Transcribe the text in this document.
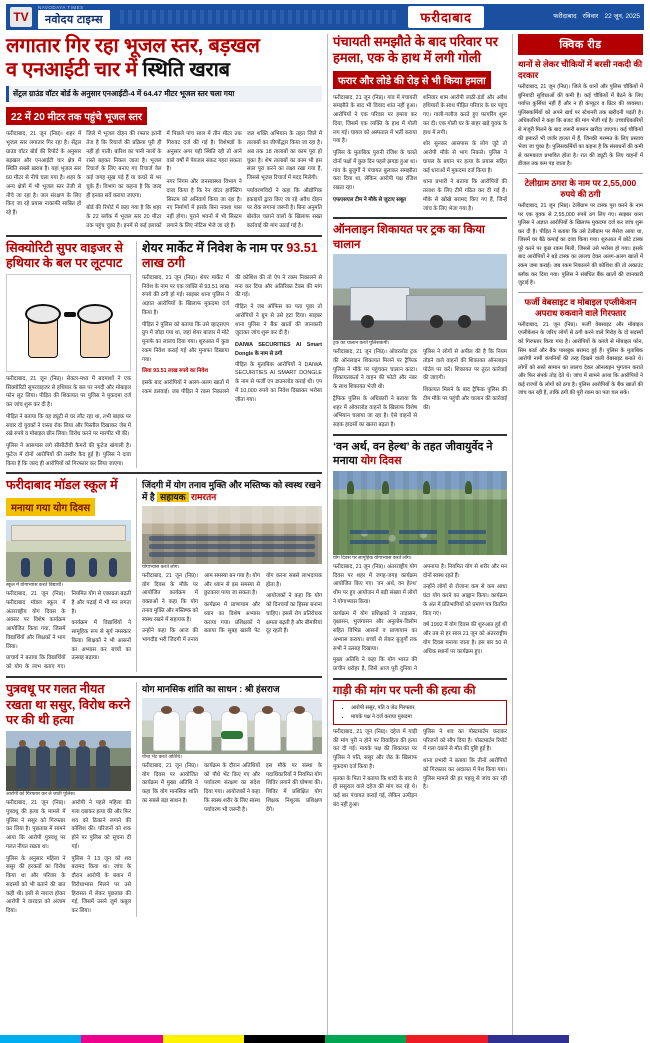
TV
NAVODAYA TIMES
नवोदय टाइम्स	फरीदाबाद	फरीदाबाद रविवार 22 जून, 2025
लगातार गिर रहा भूजल स्तर, बड़खल
व एनआईटी चार में स्थिति खराब
सेंट्रल ग्राउंड वॉटर बोर्ड के अनुसार एनआईटी-4 में 64.47 मीटर भूजल स्तर चला गया
22 में 20 मीटर तक पहुंचे भूजल स्तर

फरीदाबाद, 21 जून (निप्र)। शहर में भूजल स्तर लगातार गिर रहा है। सेंट्रल ग्राउंड वॉटर बोर्ड की रिपोर्ट के अनुसार बड़खल और एनआईटी चार क्षेत्र में स्थिति सबसे खराब है। यहां भूजल स्तर 60 मीटर से नीचे चला गया है। शहर के अन्य क्षेत्रों में भी भूजल स्तर तेजी से नीचे जा रहा है। जल संरक्षण के लिए किए जा रहे प्रयास नाकाफी साबित हो रहे हैं।

जिले में भूजल दोहन की रफ्तार इतनी तेज है कि रिचार्ज की प्रक्रिया पूरी ही नहीं हो पाती। बारिश का पानी नालों के रास्ते बहकर निकल जाता है। भूजल रिचार्ज के लिए बनाए गए रिचार्ज वेल कई जगह सूख पड़े हैं या कचरे से भर चुके हैं। विभाग का कहना है कि जल्द ही इनका सर्वे कराया जाएगा।

बोर्ड की रिपोर्ट में कहा गया है कि शहर के 22 ब्लॉक में भूजल स्तर 20 मीटर तक पहुंच चुका है। इनमें से कई इलाकों में पिछले पांच साल में तीन मीटर तक गिरावट दर्ज की गई है। विशेषज्ञों के अनुसार अगर यही स्थिति रही तो आने वाले वर्षों में पेयजल संकट गहरा सकता है।

नगर निगम और जनस्वास्थ्य विभाग ने दावा किया है कि रेन वॉटर हार्वेस्टिंग सिस्टम को अनिवार्य किया जा रहा है। नए निर्माणों में इसके बिना नक्शा पास नहीं होगा। पुराने भवनों में भी सिस्टम लगाने के लिए नोटिस भेजे जा रहे हैं।

जल शक्ति अभियान के तहत जिले में तालाबों का जीर्णोद्धार किया जा रहा है। अब तक 18 तालाबों का काम पूरा हो चुका है। शेष तालाबों का काम भी इस साल पूरा करने का लक्ष्य रखा गया है, जिससे भूजल रिचार्ज में मदद मिलेगी।

पर्यावरणविदों ने कहा कि औद्योगिक इकाइयों द्वारा किए जा रहे अवैध दोहन पर रोक लगाना जरूरी है। बिना अनुमति बोरवेल चलाने वालों के खिलाफ सख्त कार्रवाई की मांग उठाई गई है।

सिक्योरिटी सुपर वाइजर से हथियार के बल पर लूटपाट

फरीदाबाद, 21 जून (निप्र)। सेक्टर-मध्य में बदमाशों ने एक सिक्योरिटी सुपरवाइजर से हथियार के बल पर नगदी और मोबाइल फोन लूट लिया। पीड़ित की शिकायत पर पुलिस ने मुकदमा दर्ज कर जांच शुरू कर दी है।

पीड़ित ने बताया कि वह ड्यूटी से घर लौट रहा था, तभी बाइक पर सवार दो युवकों ने रास्ता रोक लिया और पिस्तौल दिखाकर जेब में रखे रुपये व मोबाइल छीन लिया। विरोध करने पर मारपीट भी की।

पुलिस ने आसपास लगे सीसीटीवी कैमरों की फुटेज खंगाली है। फुटेज में दोनों आरोपियों की तस्वीर कैद हुई है। पुलिस ने दावा किया है कि जल्द ही आरोपियों को गिरफ्तार कर लिया जाएगा।

शेयर मार्केट में निवेश के नाम पर 93.51 लाख ठगी

फरीदाबाद, 21 जून (निप्र)। शेयर मार्केट में निवेश के नाम पर एक व्यक्ति से 93.51 लाख रुपये की ठगी हो गई। साइबर थाना पुलिस ने अज्ञात आरोपियों के खिलाफ मुकदमा दर्ज किया है।

पीड़ित ने पुलिस को बताया कि उसे व्हाट्सएप ग्रुप में जोड़ा गया था, जहां शेयर बाजार में मोटे मुनाफे का लालच दिया गया। शुरुआत में कुछ रकम निवेश कराई गई और मुनाफा दिखाया गया।

लिया 93.51 लाख रुपये का निवेश

इसके बाद आरोपियों ने अलग-अलग खातों में रकम डलवाई। जब पीड़ित ने रकम निकालने की कोशिश की तो ऐप ने रकम निकालने से मना कर दिया और अतिरिक्त टैक्स की मांग की गई।

पीड़ित ने जब ऑफिस का पता पूछा तो आरोपियों ने ग्रुप से उसे हटा दिया। साइबर थाना पुलिस ने बैंक खातों की जानकारी जुटाकर जांच शुरू कर दी है।

DAIWA SECURITIES AI Smart Dongle के नाम से ठगी

पीड़ित के मुताबिक आरोपियों ने DAIWA SECURITIES AI SMART DONGLE के नाम से फर्जी एप डाउनलोड कराई थी। एप में 10,000 रुपये का निवेश दिखाकर भरोसा जीता गया।

फरीदाबाद मॉडल स्कूल में
मनाया गया योग दिवस
स्कूल में योगाभ्यास करते विद्यार्थी।

फरीदाबाद, 21 जून (निप्र)। फरीदाबाद मॉडल स्कूल में अंतरराष्ट्रीय योग दिवस के अवसर पर विशेष कार्यक्रम आयोजित किया गया, जिसमें विद्यार्थियों और शिक्षकों ने भाग लिया।

प्राचार्य ने बताया कि विद्यार्थियों को योग के लाभ बताए गए। नियमित योग से एकाग्रता बढ़ती है और पढ़ाई में भी मन लगता है।

कार्यक्रम में विद्यार्थियों ने सामूहिक रूप से सूर्य नमस्कार किया। शिक्षकों ने भी आसनों का अभ्यास कर बच्चों का उत्साह बढ़ाया।

जिंदगी में योग तनाव मुक्ति और मस्तिष्क को स्वस्थ रखने में है सहायक रामरतन
योगाभ्यास करते लोग।

फरीदाबाद, 21 जून (निप्र)। योग दिवस के मौके पर आयोजित कार्यक्रम में वक्ताओं ने कहा कि योग तनाव मुक्ति और मस्तिष्क को स्वस्थ रखने में सहायक है।

उन्होंने कहा कि आज की भागदौड़ भरी जिंदगी में तनाव आम समस्या बन गया है। योग और ध्यान से इस समस्या से छुटकारा पाया जा सकता है।

कार्यक्रम में प्राणायाम और ध्यान का विशेष अभ्यास कराया गया। प्रशिक्षकों ने बताया कि सुबह खाली पेट योग करना सबसे लाभदायक होता है।

आयोजकों ने कहा कि योग को दिनचर्या का हिस्सा बनाना चाहिए। इससे रोग प्रतिरोधक क्षमता बढ़ती है और बीमारियां दूर रहती हैं।

पुत्रवधू पर गलत नीयत रखता था ससुर, विरोध करने पर की थी हत्या
आरोपी को गिरफ्तार कर ले जाती पुलिस।

फरीदाबाद, 21 जून (निप्र)। पुत्रवधू की हत्या के मामले में पुलिस ने ससुर को गिरफ्तार कर लिया है। पूछताछ में सामने आया कि आरोपी पुत्रवधू पर गलत नीयत रखता था।

पुलिस के अनुसार महिला ने ससुर की हरकतों का विरोध किया था और परिवार के सदस्यों को भी बताने की बात कही थी। इसी से नाराज होकर आरोपी ने वारदात को अंजाम दिया।

आरोपी ने पहले महिला की गला दबाकर हत्या की और फिर शव को ठिकाने लगाने की कोशिश की। परिजनों को शक होने पर पुलिस को सूचना दी गई।

पुलिस ने 13 जून को शव बरामद किया था। जांच के दौरान आरोपी के बयान में विरोधाभास मिलने पर उसे हिरासत में लेकर पूछताछ की गई, जिसमें उसने जुर्म कबूल कर लिया।

योग मानसिक शांति का साधन : श्री हंसराज
पौधा भेंट करते अतिथि।

फरीदाबाद, 21 जून (निप्र)। योग दिवस पर आयोजित कार्यक्रम में मुख्य अतिथि ने कहा कि योग मानसिक शांति का सबसे बड़ा साधन है।

कार्यक्रम के दौरान अतिथियों को पौधे भेंट किए गए और पर्यावरण संरक्षण का संदेश दिया गया। आयोजकों ने कहा कि स्वस्थ शरीर के लिए स्वस्थ पर्यावरण भी जरूरी है।

इस मौके पर संस्था के पदाधिकारियों ने नियमित योग शिविर लगाने की घोषणा की। शिविर में प्रशिक्षित योग शिक्षक निशुल्क प्रशिक्षण देंगे।

पंचायती समझौते के बाद परिवार पर हमला, एक के हाथ में लगी गोली
फरार और लोडे की रोड़ से भी किया हमला

फरीदाबाद, 21 जून (निप्र)। गांव में पंचायती समझौते के बाद भी विवाद शांत नहीं हुआ। आरोपियों ने एक परिवार पर हमला कर दिया, जिसमें एक व्यक्ति के हाथ में गोली लग गई। घायल को अस्पताल में भर्ती कराया गया है।

पुलिस के मुताबिक पुरानी रंजिश के चलते दोनों पक्षों में कुछ दिन पहले झगड़ा हुआ था। गांव के बुजुर्गों ने पंचायत बुलाकर समझौता करा दिया था, लेकिन आरोपी पक्ष रंजिश रखता रहा।

एफएसएल टीम ने मौके से जुटाए सबूत

शनिवार शाम आरोपी लाठी-डंडों और अवैध हथियारों के साथ पीड़ित परिवार के घर पहुंच गए। गाली-गलौज करते हुए फायरिंग शुरू कर दी। एक गोली घर के बाहर खड़े युवक के हाथ में लगी।

शोर सुनकर आसपास के लोग जुटे तो आरोपी मौके से भाग निकले। पुलिस ने घायल के बयान पर हत्या के प्रयास सहित कई धाराओं में मुकदमा दर्ज किया है।

थाना प्रभारी ने बताया कि आरोपियों की तलाश के लिए टीमें गठित कर दी गई हैं। मौके से खोखे बरामद किए गए हैं, जिन्हें जांच के लिए भेजा गया है।

ऑनलाइन शिकायत पर ट्रक का किया चालान
ट्रक का चालान करते पुलिसकर्मी।

फरीदाबाद, 21 जून (निप्र)। ओवरलोड ट्रक की ऑनलाइन शिकायत मिलने पर ट्रैफिक पुलिस ने मौके पर पहुंचकर चालान काटा। शिकायतकर्ता ने वाहन की फोटो और नंबर के साथ शिकायत भेजी थी।

ट्रैफिक पुलिस के अधिकारी ने बताया कि शहर में ओवरलोड वाहनों के खिलाफ विशेष अभियान चलाया जा रहा है। ऐसे वाहनों से सड़क हादसों का खतरा बढ़ता है।

पुलिस ने लोगों से अपील की है कि नियम तोड़ने वाले वाहनों की शिकायत ऑनलाइन पोर्टल पर करें। शिकायत पर तुरंत कार्रवाई की जाएगी।

शिकायत मिलने के बाद ट्रैफिक पुलिस की टीम मौके पर पहुंची और चालान की कार्रवाई की।

‘वन अर्थ, वन हेल्थ’ के तहत जीवायुर्वेद ने मनाया योग दिवस
योग दिवस पर सामूहिक योगाभ्यास करते लोग।

फरीदाबाद, 21 जून (निप्र)। अंतरराष्ट्रीय योग दिवस पर शहर में जगह-जगह कार्यक्रम आयोजित किए गए। ‘वन अर्थ, वन हेल्थ’ थीम पर हुए आयोजन में बड़ी संख्या में लोगों ने योगाभ्यास किया।

कार्यक्रम में योग प्रशिक्षकों ने ताड़ासन, वृक्षासन, भुजंगासन और अनुलोम-विलोम सहित विभिन्न आसनों व प्राणायाम का अभ्यास कराया। बच्चों से लेकर बुजुर्गों तक सभी ने उत्साह दिखाया।

मुख्य अतिथि ने कहा कि योग भारत की प्राचीन धरोहर है, जिसे आज पूरी दुनिया ने अपनाया है। नियमित योग से शरीर और मन दोनों स्वस्थ रहते हैं।

उन्होंने लोगों से रोजाना कम से कम आधा घंटा योग करने का आह्वान किया। कार्यक्रम के अंत में प्रतिभागियों को प्रमाण पत्र वितरित किए गए।

वर्ष 1992 में योग दिवस की शुरुआत हुई थी और तब से हर साल 21 जून को अंतरराष्ट्रीय योग दिवस मनाया जाता है। इस बार 50 से अधिक स्थानों पर कार्यक्रम हुए।

गाड़ी की मांग पर पत्नी की हत्या की
• आरोपी ससुर, पति व जेठ गिरफ्तार
• मायके पक्ष ने दर्ज कराया मुकदमा

फरीदाबाद, 21 जून (निप्र)। दहेज में गाड़ी की मांग पूरी न होने पर विवाहिता की हत्या कर दी गई। मायके पक्ष की शिकायत पर पुलिस ने पति, ससुर और जेठ के खिलाफ मुकदमा दर्ज किया है।

मृतका के पिता ने बताया कि शादी के बाद से ही ससुराल वाले दहेज की मांग कर रहे थे। कई बार पंचायत कराई गई, लेकिन उत्पीड़न बंद नहीं हुआ।

पुलिस ने शव का पोस्टमार्टम कराकर परिजनों को सौंप दिया है। पोस्टमार्टम रिपोर्ट में गला दबाने से मौत की पुष्टि हुई है।

थाना प्रभारी ने बताया कि तीनों आरोपियों को गिरफ्तार कर अदालत में पेश किया गया। पुलिस मामले की हर पहलू से जांच कर रही है।

क्विक रीड
थानों से लेकर चौकियों में बरसी नकदी की दरकार
फरीदाबाद, 21 जून (निप्र)। जिले के थानों और पुलिस चौकियों में बुनियादी सुविधाओं की कमी है। कई चौकियों में बैठने के लिए पर्याप्त कुर्सियां नहीं हैं और न ही कंप्यूटर व प्रिंटर की व्यवस्था। पुलिसकर्मियों को अपने खर्च पर स्टेशनरी तक खरीदनी पड़ती है। अधिकारियों ने कहा कि बजट की मांग भेजी गई है। उच्चाधिकारियों से मंजूरी मिलने के बाद जरूरी सामान खरीदा जाएगा। कई चौकियों की इमारतें भी जर्जर हालत में हैं, जिनकी मरम्मत के लिए प्रस्ताव भेजा जा चुका है। पुलिसकर्मियों का कहना है कि संसाधनों की कमी से कामकाज प्रभावित होता है। रात की ड्यूटी के लिए वाहनों में डीजल तक कम पड़ जाता है।
टेलीग्राम ठगरा के नाम पर 2,55,000 रुपये की ठगी
फरीदाबाद, 21 जून (निप्र)। टेलीग्राम पर टास्क पूरा करने के नाम पर एक युवक से 2,55,000 रुपये ठग लिए गए। साइबर थाना पुलिस ने अज्ञात आरोपियों के खिलाफ मुकदमा दर्ज कर जांच शुरू कर दी है। पीड़ित ने बताया कि उसे टेलीग्राम पर मैसेज आया था, जिसमें घर बैठे कमाई का दावा किया गया। शुरुआत में छोटे टास्क पूरे करने पर कुछ रकम मिली, जिससे उसे भरोसा हो गया। इसके बाद आरोपियों ने बड़े टास्क का लालच देकर अलग-अलग खातों में रकम जमा कराई। जब रकम निकालने की कोशिश की तो अकाउंट ब्लॉक कर दिया गया। पुलिस ने संबंधित बैंक खातों की जानकारी जुटाई है।
फर्जी वेबसाइट व मोबाइल एप्लीकेशन अपराध रुकवाने वाले गिरफ्तार
फरीदाबाद, 21 जून (निप्र)। फर्जी वेबसाइट और मोबाइल एप्लीकेशन के जरिए लोगों से ठगी करने वाले गिरोह के दो सदस्यों को गिरफ्तार किया गया है। आरोपियों के कब्जे से मोबाइल फोन, सिम कार्ड और बैंक पासबुक बरामद हुई हैं। पुलिस के मुताबिक आरोपी नामी कंपनियों की तरह दिखने वाली वेबसाइट बनाते थे। लोगों को सस्ते सामान का लालच देकर ऑनलाइन भुगतान कराते और फिर संपर्क तोड़ देते थे। जांच में सामने आया कि आरोपियों ने कई राज्यों के लोगों को ठगा है। पुलिस आरोपियों के बैंक खातों की जांच कर रही है, ताकि ठगी की पूरी रकम का पता चल सके।
